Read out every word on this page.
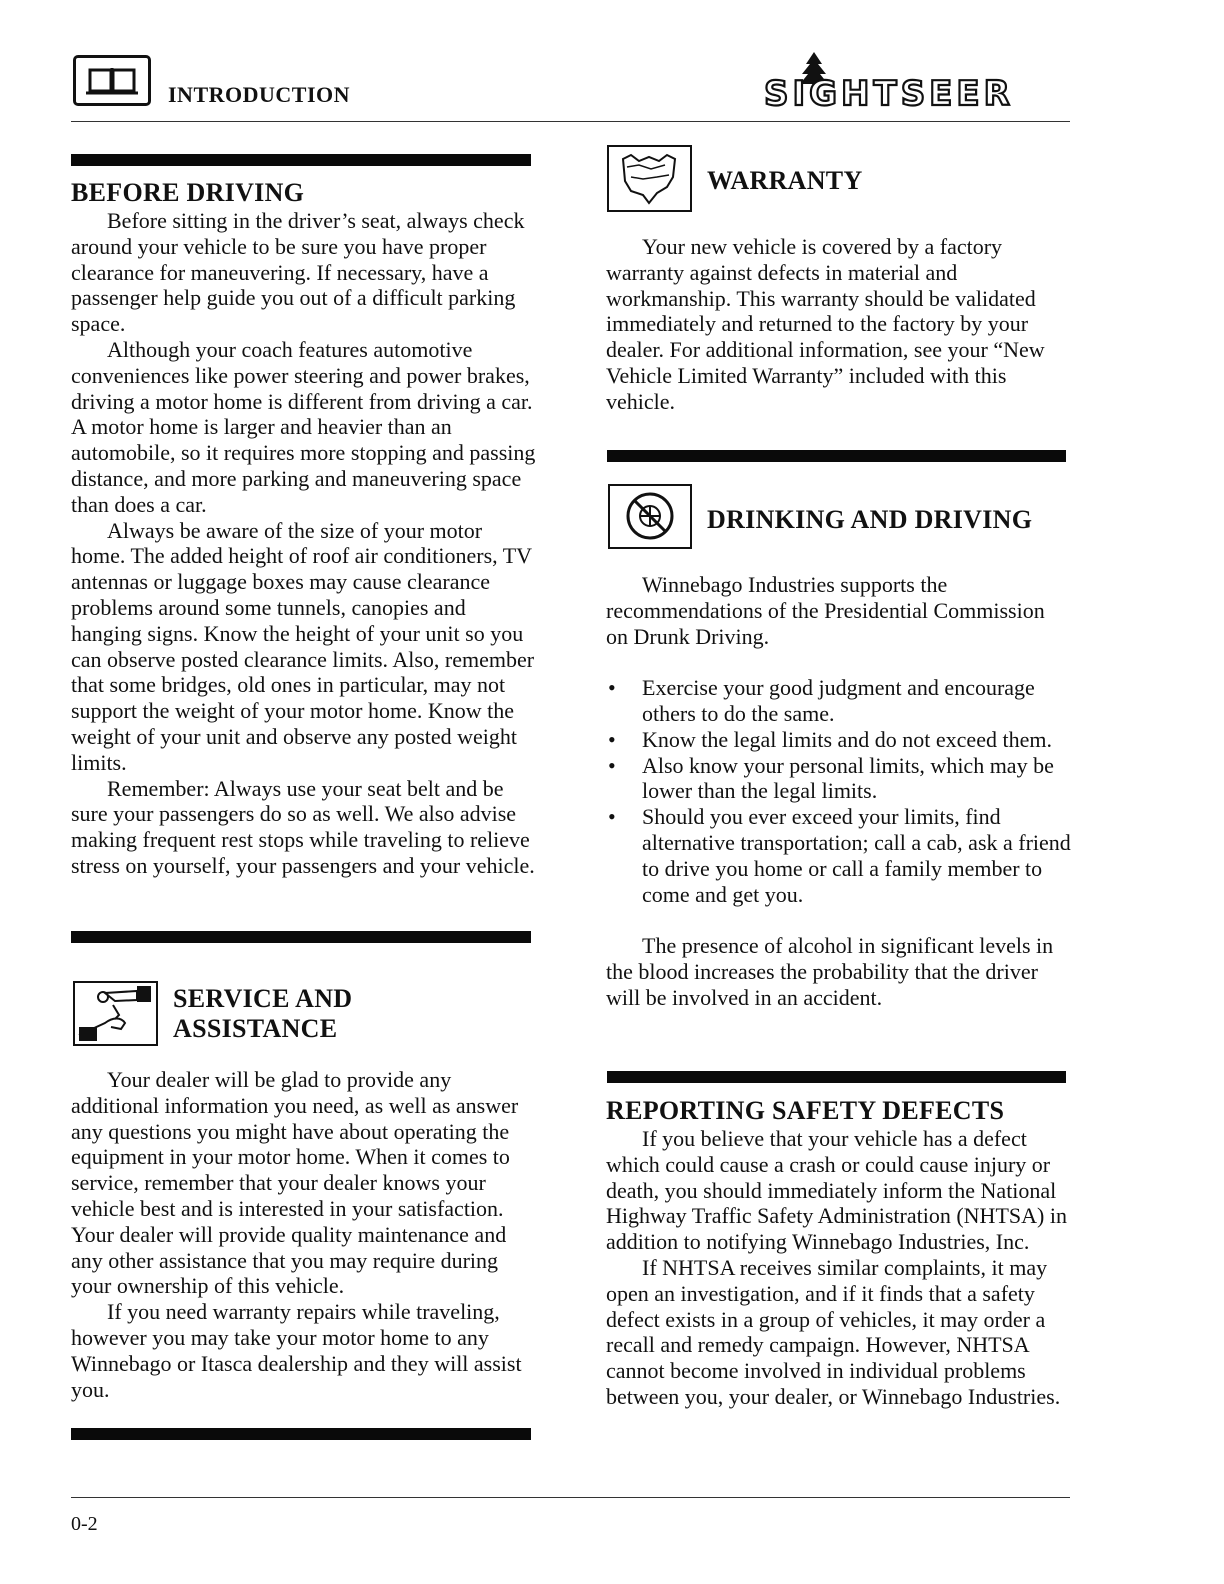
INTRODUCTION	SIGHTSEER
BEFORE DRIVING

Before sitting in the driver’s seat, always check around your vehicle to be sure you have proper clearance for maneuvering. If necessary, have a passenger help guide you out of a difficult parking space.

Although your coach features automotive conveniences like power steering and power brakes, driving a motor home is different from driving a car. A motor home is larger and heavier than an automobile, so it requires more stopping and passing distance, and more parking and maneuvering space than does a car.

Always be aware of the size of your motor home. The added height of roof air conditioners, TV antennas or luggage boxes may cause clearance problems around some tunnels, canopies and hanging signs. Know the height of your unit so you can observe posted clearance limits. Also, remember that some bridges, old ones in particular, may not support the weight of your motor home. Know the weight of your unit and observe any posted weight limits.

Remember: Always use your seat belt and be sure your passengers do so as well. We also advise making frequent rest stops while traveling to relieve stress on yourself, your passengers and your vehicle.

SERVICE AND
ASSISTANCE

Your dealer will be glad to provide any additional information you need, as well as answer any questions you might have about operating the equipment in your motor home. When it comes to service, remember that your dealer knows your vehicle best and is interested in your satisfaction. Your dealer will provide quality maintenance and any other assistance that you may require during your ownership of this vehicle.

If you need warranty repairs while traveling, however you may take your motor home to any Winnebago or Itasca dealership and they will assist you.

WARRANTY

Your new vehicle is covered by a factory warranty against defects in material and workmanship. This warranty should be validated immediately and returned to the factory by your dealer. For additional information, see your “New Vehicle Limited Warranty” included with this vehicle.

DRINKING AND DRIVING

Winnebago Industries supports the recommendations of the Presidential Commission on Drunk Driving.

• Exercise your good judgment and encourage others to do the same.
• Know the legal limits and do not exceed them.
• Also know your personal limits, which may be lower than the legal limits.
• Should you ever exceed your limits, find alternative transportation; call a cab, ask a friend to drive you home or call a family member to come and get you.

The presence of alcohol in significant levels in the blood increases the probability that the driver will be involved in an accident.

REPORTING SAFETY DEFECTS

If you believe that your vehicle has a defect which could cause a crash or could cause injury or death, you should immediately inform the National Highway Traffic Safety Administration (NHTSA) in addition to notifying Winnebago Industries, Inc.

If NHTSA receives similar complaints, it may open an investigation, and if it finds that a safety defect exists in a group of vehicles, it may order a recall and remedy campaign. However, NHTSA cannot become involved in individual problems between you, your dealer, or Winnebago Industries.

0-2
